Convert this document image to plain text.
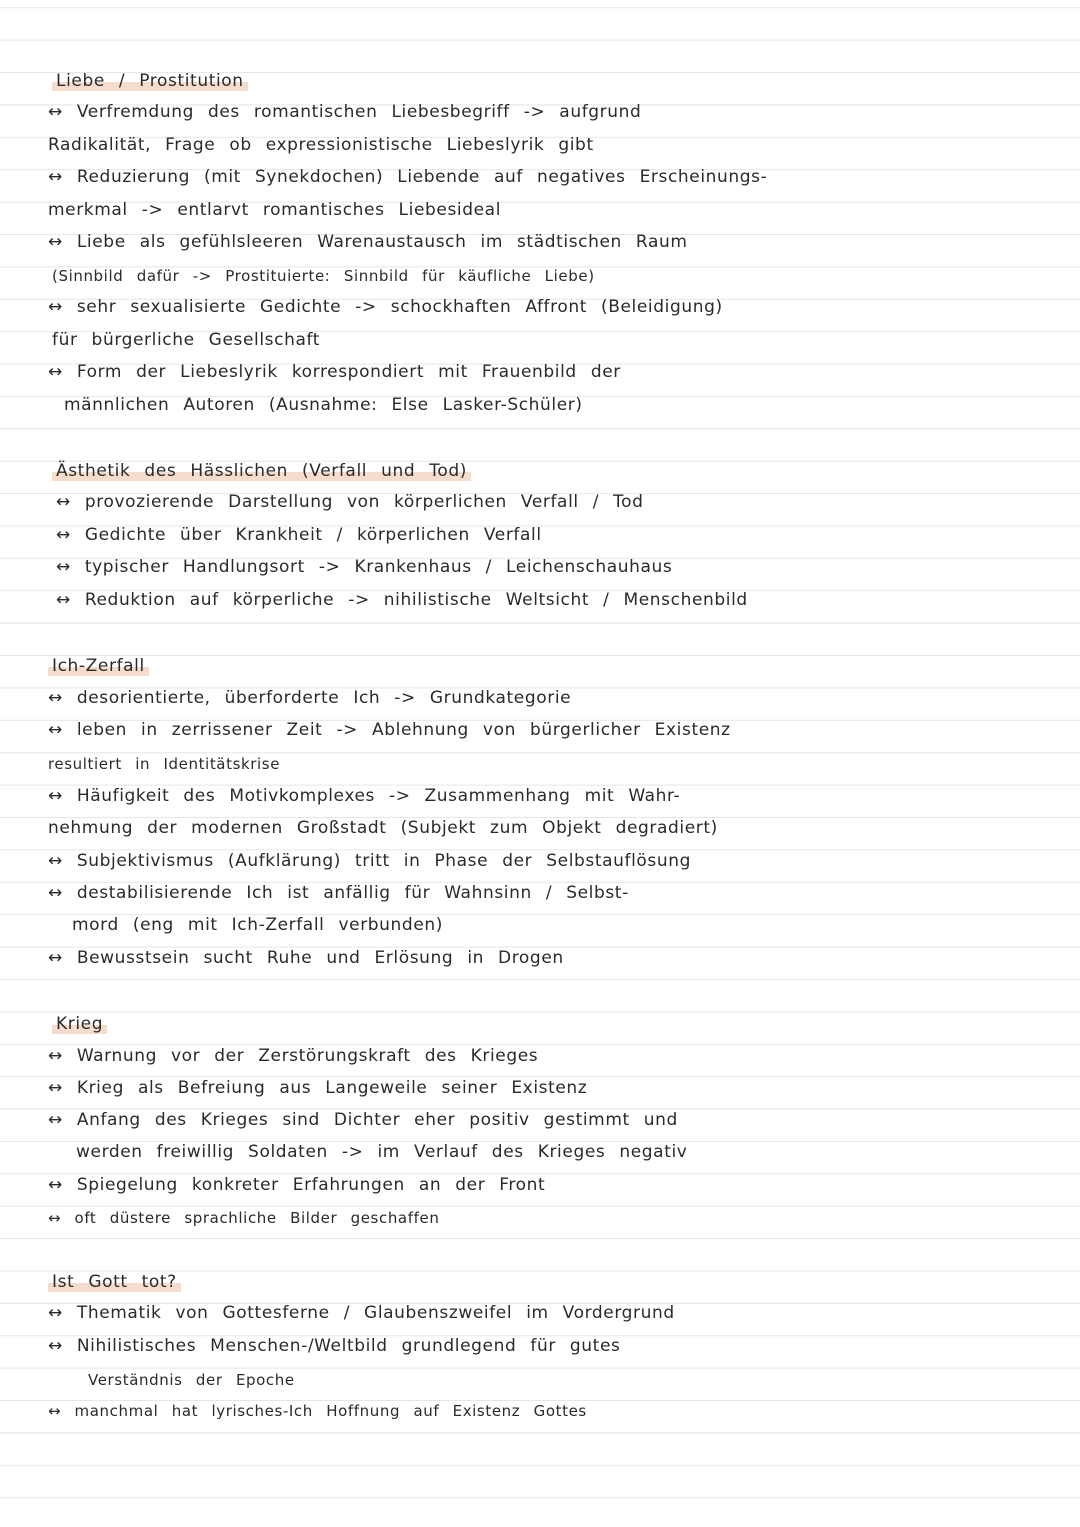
Liebe / Prostitution
↔ Verfremdung des romantischen Liebesbegriff -> aufgrund
Radikalität, Frage ob expressionistische Liebeslyrik gibt
↔ Reduzierung (mit Synekdochen) Liebende auf negatives Erscheinungs-
merkmal -> entlarvt romantisches Liebesideal
↔ Liebe als gefühlsleeren Warenaustausch im städtischen Raum
(Sinnbild dafür -> Prostituierte: Sinnbild für käufliche Liebe)
↔ sehr sexualisierte Gedichte -> schockhaften Affront (Beleidigung)
für bürgerliche Gesellschaft
↔ Form der Liebeslyrik korrespondiert mit Frauenbild der
männlichen Autoren (Ausnahme: Else Lasker-Schüler)
Ästhetik des Hässlichen (Verfall und Tod)
↔ provozierende Darstellung von körperlichen Verfall / Tod
↔ Gedichte über Krankheit / körperlichen Verfall
↔ typischer Handlungsort -> Krankenhaus / Leichenschauhaus
↔ Reduktion auf körperliche -> nihilistische Weltsicht / Menschenbild
Ich-Zerfall
↔ desorientierte, überforderte Ich -> Grundkategorie
↔ leben in zerrissener Zeit -> Ablehnung von bürgerlicher Existenz
resultiert in Identitätskrise
↔ Häufigkeit des Motivkomplexes -> Zusammenhang mit Wahr-
nehmung der modernen Großstadt (Subjekt zum Objekt degradiert)
↔ Subjektivismus (Aufklärung) tritt in Phase der Selbstauflösung
↔ destabilisierende Ich ist anfällig für Wahnsinn / Selbst-
mord (eng mit Ich-Zerfall verbunden)
↔ Bewusstsein sucht Ruhe und Erlösung in Drogen
Krieg
↔ Warnung vor der Zerstörungskraft des Krieges
↔ Krieg als Befreiung aus Langeweile seiner Existenz
↔ Anfang des Krieges sind Dichter eher positiv gestimmt und
werden freiwillig Soldaten -> im Verlauf des Krieges negativ
↔ Spiegelung konkreter Erfahrungen an der Front
↔ oft düstere sprachliche Bilder geschaffen
Ist Gott tot?
↔ Thematik von Gottesferne / Glaubenszweifel im Vordergrund
↔ Nihilistisches Menschen-/Weltbild grundlegend für gutes
Verständnis der Epoche
↔ manchmal hat lyrisches-Ich Hoffnung auf Existenz Gottes
